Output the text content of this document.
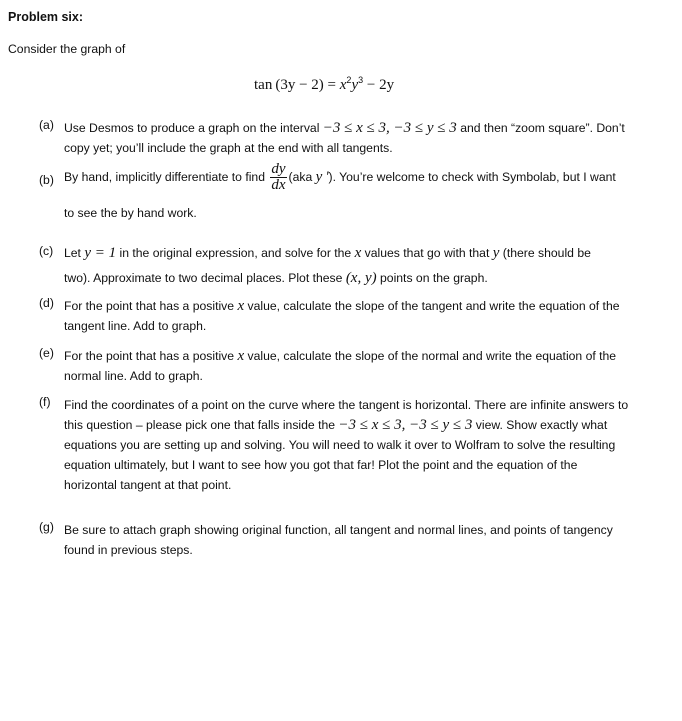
Problem six:
Consider the graph of
$\tan (3y - 2) = x^2y^3 - 2y$
(a) Use Desmos to produce a graph on the interval −3 ≤ x ≤ 3, −3 ≤ y ≤ 3 and then “zoom square”. Don’t
copy yet; you’ll include the graph at the end with all tangents.
(b) By hand, implicitly differentiate to find $\frac{dy}{dx} (aka$ y '). You’re welcome to check with Symbolab, but I want
to see the by hand work.
(c) Let y = 1 in the original expression, and solve for the x values that go with that y (there should be
two). Approximate to two decimal places. Plot these (x, y) points on the graph.
(d) For the point that has a positive x value, calculate the slope of the tangent and write the equation of the
tangent line. Add to graph.
(e) For the point that has a positive x value, calculate the slope of the normal and write the equation of the
normal line. Add to graph.
(f)	Find the coordinates of a point on the curve where the tangent is horizontal. There are infinite answers to
this question – please pick one that falls inside the −3 ≤ x ≤ 3, −3 ≤ y ≤ 3 view. Show exactly what
equations you are setting up and solving. You will need to walk it over to Wolfram to solve the resulting
equation ultimately, but I want to see how you got that far! Plot the point and the equation of the
horizontal tangent at that point.
(g) Be sure to attach graph showing original function, all tangent and normal lines, and points of tangency
found in previous steps.
